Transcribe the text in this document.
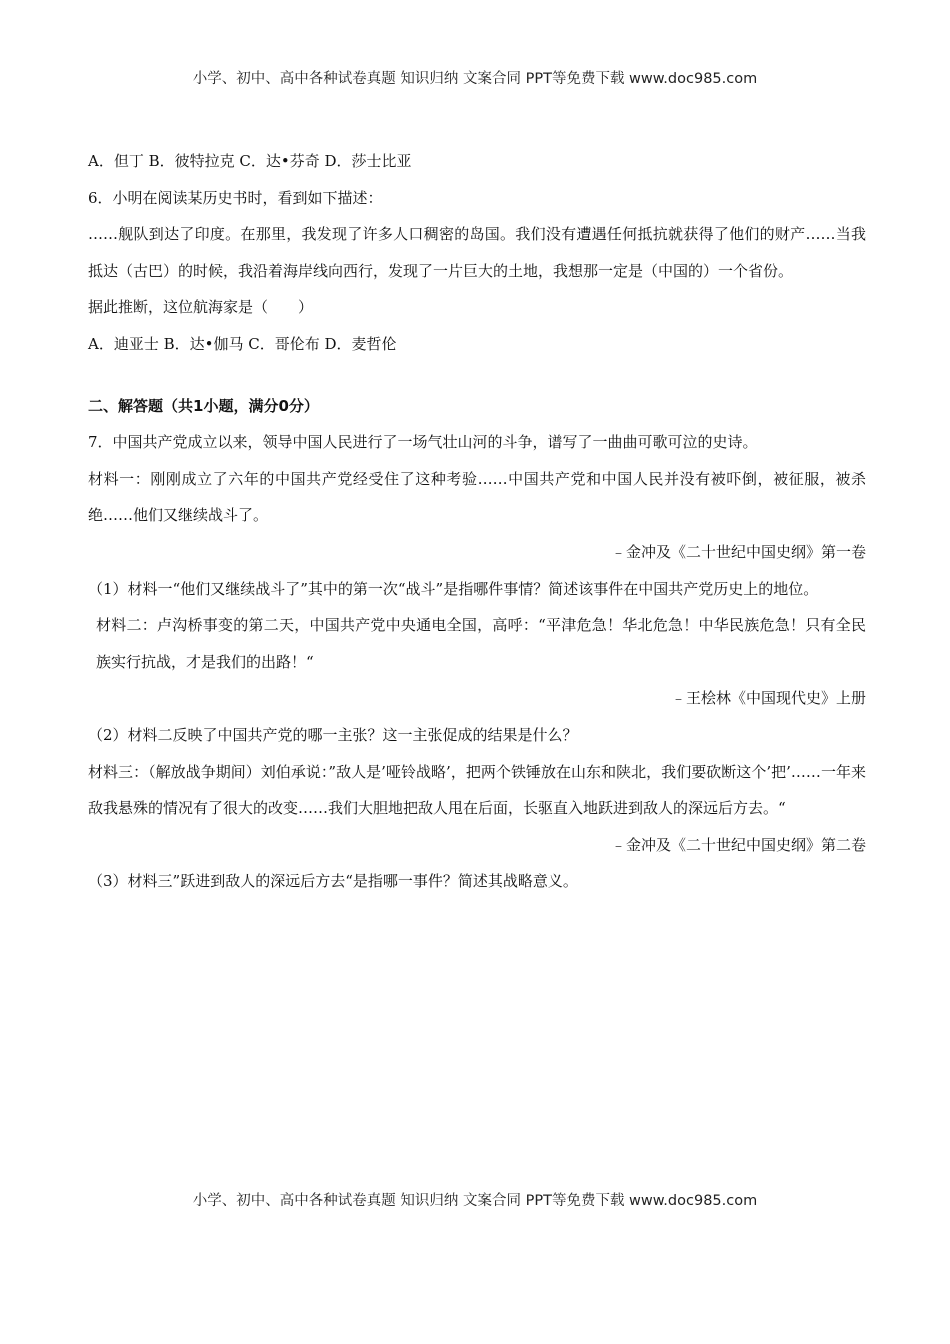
小学、初中、高中各种试卷真题 知识归纳 文案合同 PPT等免费下载 www.doc985.com
A．但丁 B．彼特拉克 C．达•芬奇 D．莎士比亚
6．小明在阅读某历史书时，看到如下描述：
……舰队到达了印度。在那里，我发现了许多人口稠密的岛国。我们没有遭遇任何抵抗就获得了他们的财产……当我抵达（古巴）的时候，我沿着海岸线向西行，发现了一片巨大的土地，我想那一定是（中国的）一个省份。
据此推断，这位航海家是（　　）
A．迪亚士 B．达•伽马 C．哥伦布 D．麦哲伦
二、解答题（共1小题，满分0分）
7．中国共产党成立以来，领导中国人民进行了一场气壮山河的斗争，谱写了一曲曲可歌可泣的史诗。
材料一：刚刚成立了六年的中国共产党经受住了这种考验……中国共产党和中国人民并没有被吓倒，被征服，被杀绝……他们又继续战斗了。
﹣金冲及《二十世纪中国史纲》第一卷
（1）材料一“他们又继续战斗了”其中的第一次“战斗”是指哪件事情？简述该事件在中国共产党历史上的地位。
材料二：卢沟桥事变的第二天，中国共产党中央通电全国，高呼：“平津危急！华北危急！中华民族危急！只有全民族实行抗战，才是我们的出路！“
﹣王桧林《中国现代史》上册
（2）材料二反映了中国共产党的哪一主张？这一主张促成的结果是什么？
材料三：（解放战争期间）刘伯承说：”敌人是’哑铃战略’，把两个铁锤放在山东和陕北，我们要砍断这个’把’……一年来敌我悬殊的情况有了很大的改变……我们大胆地把敌人甩在后面，长驱直入地跃进到敌人的深远后方去。“
﹣金冲及《二十世纪中国史纲》第二卷
（3）材料三”跃进到敌人的深远后方去“是指哪一事件？简述其战略意义。
小学、初中、高中各种试卷真题 知识归纳 文案合同 PPT等免费下载 www.doc985.com
